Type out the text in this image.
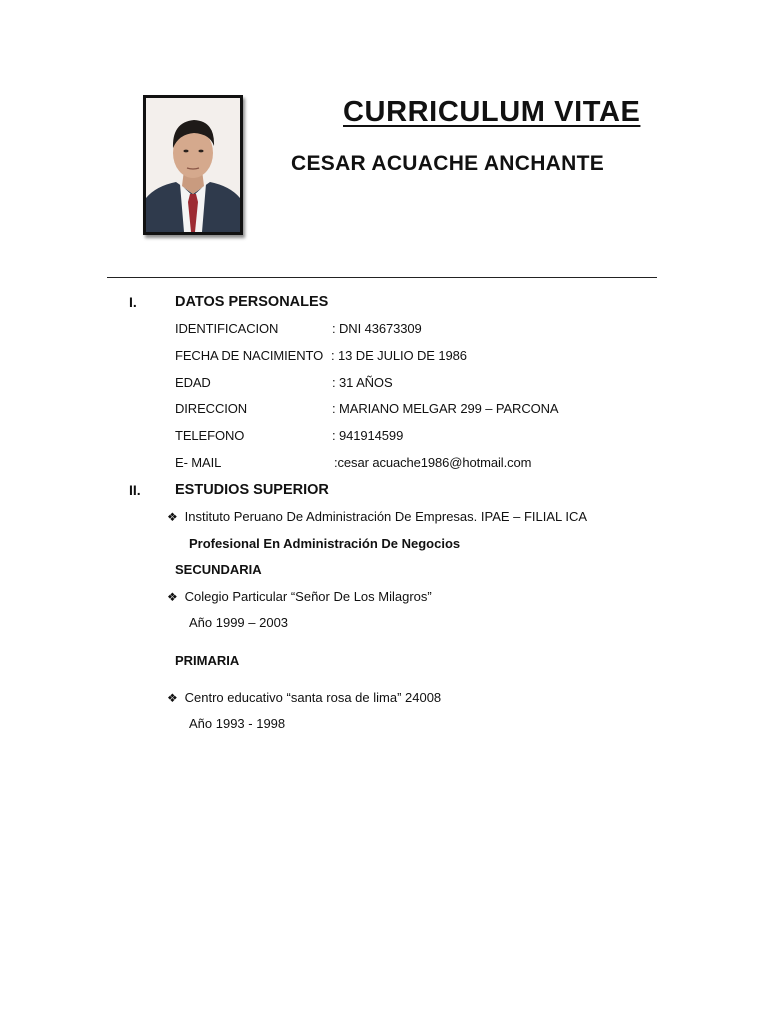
CURRICULUM VITAE
CESAR ACUACHE ANCHANTE
I.	DATOS PERSONALES
IDENTIFICACION	: DNI 43673309
FECHA DE NACIMIENTO : 13 DE JULIO DE 1986
EDAD	: 31 AÑOS
DIRECCION	: MARIANO MELGAR 299 – PARCONA
TELEFONO	: 941914599
E- MAIL	:cesar acuache1986@hotmail.com
II. ESTUDIOS SUPERIOR
❖ Instituto Peruano De Administración De Empresas. IPAE – FILIAL ICA
Profesional En Administración De Negocios
SECUNDARIA
❖ Colegio Particular “Señor De Los Milagros”
Año 1999 – 2003
PRIMARIA
❖ Centro educativo “santa rosa de lima” 24008
Año 1993 - 1998
